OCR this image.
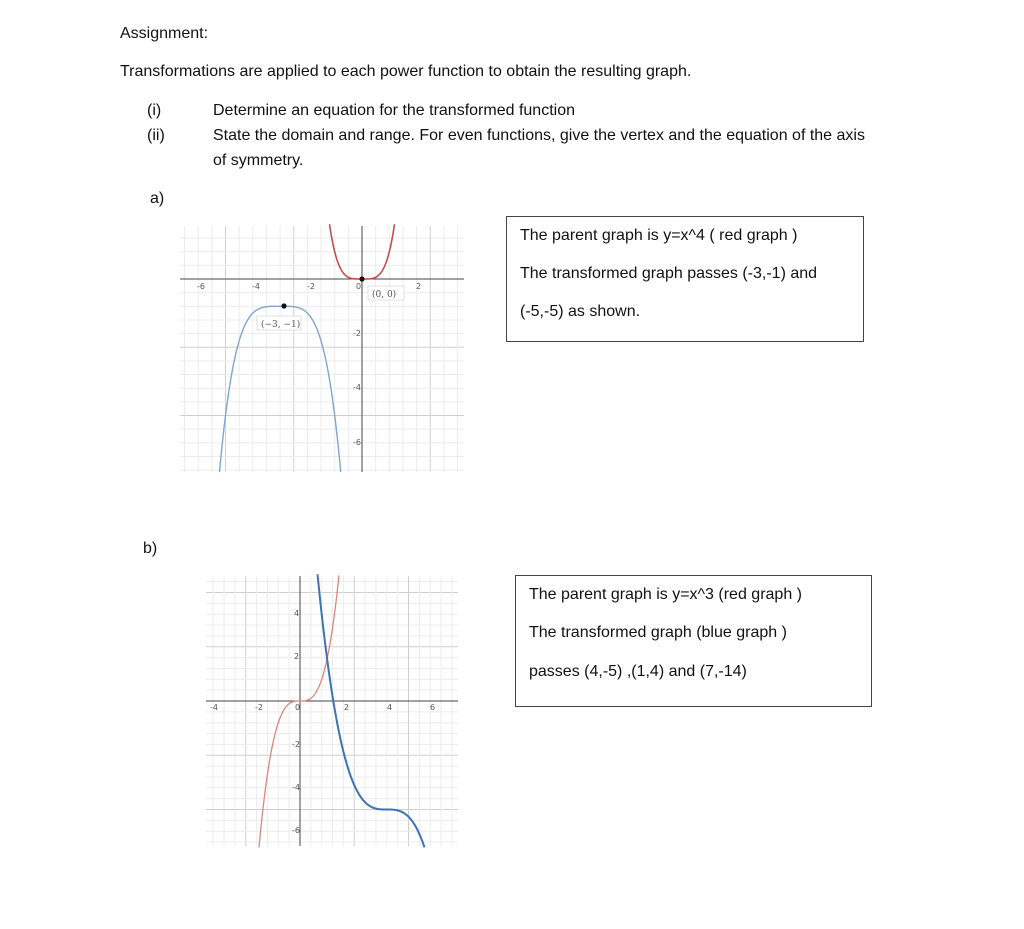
Assignment:
Transformations are applied to each power function to obtain the resulting graph.
(i)	Determine an equation for the transformed function
(ii)	State the domain and range. For even functions, give the vertex and the equation of the axis
of symmetry.
a)

The parent graph is y=x^4 ( red graph )

The transformed graph passes (-3,-1) and

(-5,-5) as shown.

-6	-4	-2	0	2
-2
-4
-6
(0, 0)
(−3, −1)
b)

The parent graph is y=x^3 (red graph )

The transformed graph (blue graph )

passes (4,-5) ,(1,4) and (7,-14)

-4	-2	0	2	4	6
4
2
-2
-4
-6
